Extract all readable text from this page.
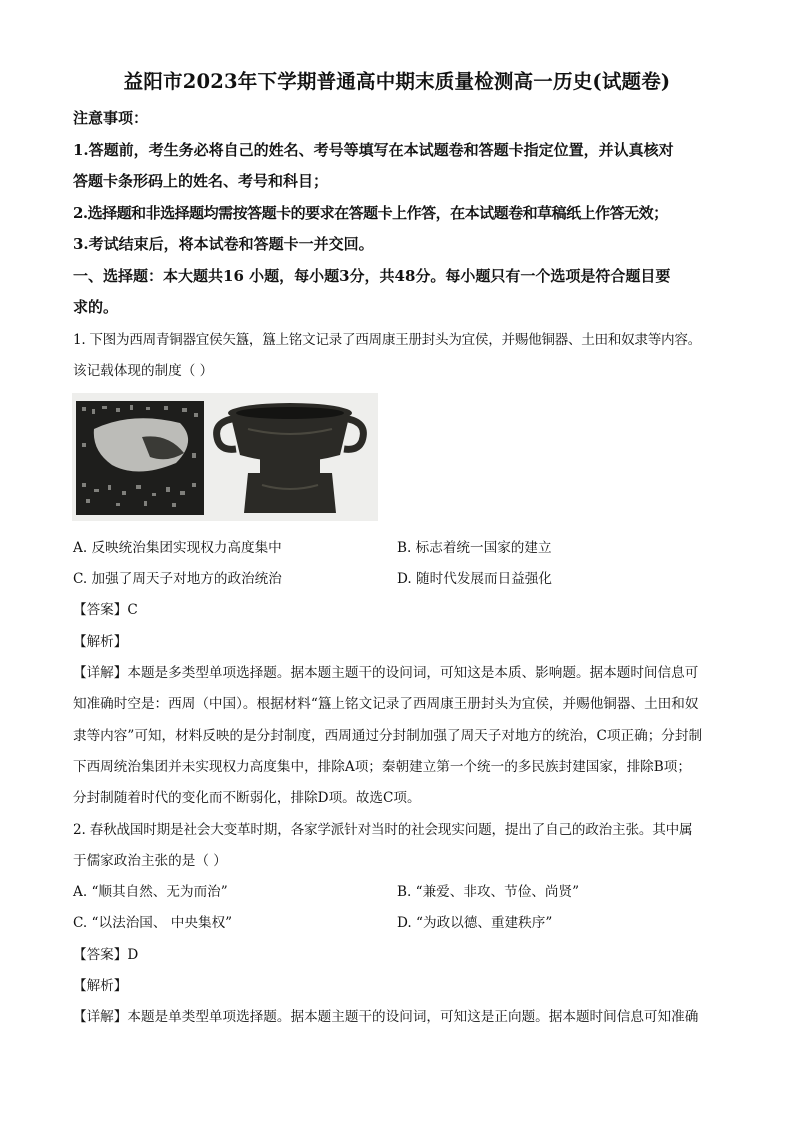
益阳市2023年下学期普通高中期末质量检测高一历史(试题卷)
注意事项：
1.答题前，考生务必将自己的姓名、考号等填写在本试题卷和答题卡指定位置，并认真核对
答题卡条形码上的姓名、考号和科目；
2.选择题和非选择题均需按答题卡的要求在答题卡上作答，在本试题卷和草稿纸上作答无效；
3.考试结束后，将本试卷和答题卡一并交回。
一、选择题：本大题共16 小题，每小题3分，共48分。每小题只有一个选项是符合题目要
求的。
1. 下图为西周青铜器宜侯矢簋，簋上铭文记录了西周康王册封头为宜侯，并赐他铜器、土田和奴隶等内容。
该记载体现的制度（ ）
A. 反映统治集团实现权力高度集中	B. 标志着统一国家的建立
C. 加强了周天子对地方的政治统治	D. 随时代发展而日益强化
【答案】C
【解析】
【详解】本题是多类型单项选择题。据本题主题干的设问词，可知这是本质、影响题。据本题时间信息可
知准确时空是：西周（中国）。根据材料“簋上铭文记录了西周康王册封头为宜侯，并赐他铜器、土田和奴
隶等内容”可知，材料反映的是分封制度，西周通过分封制加强了周天子对地方的统治，C项正确；分封制
下西周统治集团并未实现权力高度集中，排除A项；秦朝建立第一个统一的多民族封建国家，排除B项；
分封制随着时代的变化而不断弱化，排除D项。故选C项。
2. 春秋战国时期是社会大变革时期，各家学派针对当时的社会现实问题，提出了自己的政治主张。其中属
于儒家政治主张的是（ ）
A. “顺其自然、无为而治”	B. “兼爱、非攻、节俭、尚贤”
C. “以法治国、 中央集权”	D. “为政以德、重建秩序”
【答案】D
【解析】
【详解】本题是单类型单项选择题。据本题主题干的设问词，可知这是正向题。据本题时间信息可知准确
